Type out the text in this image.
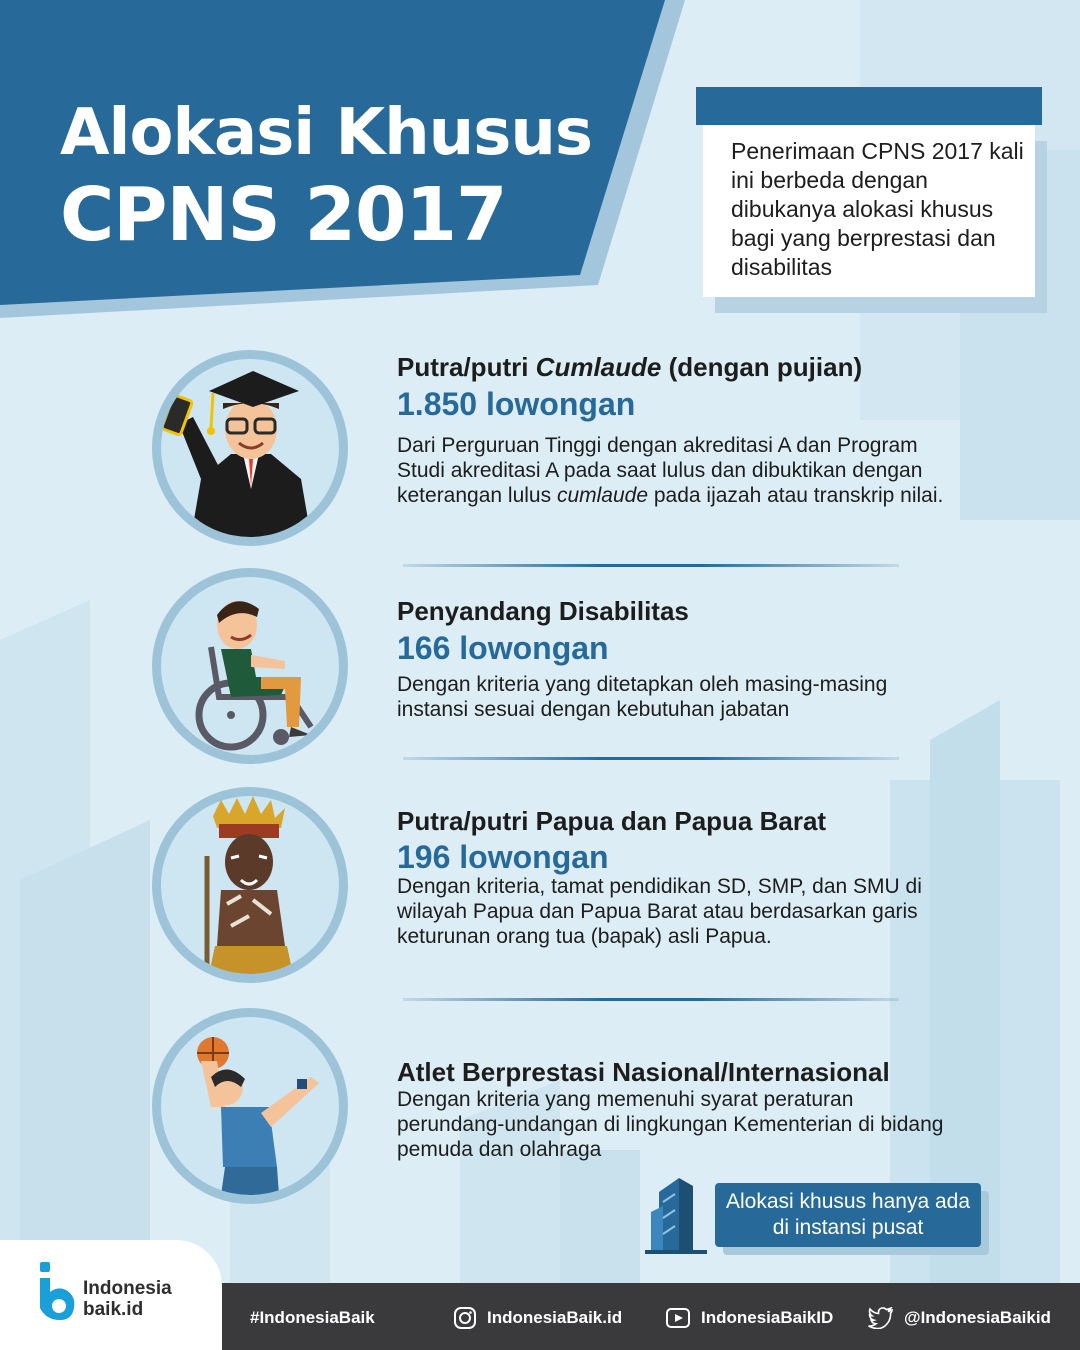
Alokasi Khusus
CPNS 2017

Penerimaan CPNS 2017 kali ini berbeda dengan dibukanya alokasi khusus bagi yang berprestasi dan disabilitas

Putra/putri Cumlaude (dengan pujian)
1.850 lowongan
Dari Perguruan Tinggi dengan akreditasi A dan Program Studi akreditasi A pada saat lulus dan dibuktikan dengan keterangan lulus cumlaude pada ijazah atau transkrip nilai.
Penyandang Disabilitas
166 lowongan
Dengan kriteria yang ditetapkan oleh masing-masing instansi sesuai dengan kebutuhan jabatan
Putra/putri Papua dan Papua Barat
196 lowongan
Dengan kriteria, tamat pendidikan SD, SMP, dan SMU di wilayah Papua dan Papua Barat atau berdasarkan garis keturunan orang tua (bapak) asli Papua.
Atlet Berprestasi Nasional/Internasional
Dengan kriteria yang memenuhi syarat peraturan perundang-undangan di lingkungan Kementerian di bidang pemuda dan olahraga
Alokasi khusus hanya ada di instansi pusat
Indonesia
baik.id	#IndonesiaBaik	IndonesiaBaik.id	IndonesiaBaikID	@IndonesiaBaikid
